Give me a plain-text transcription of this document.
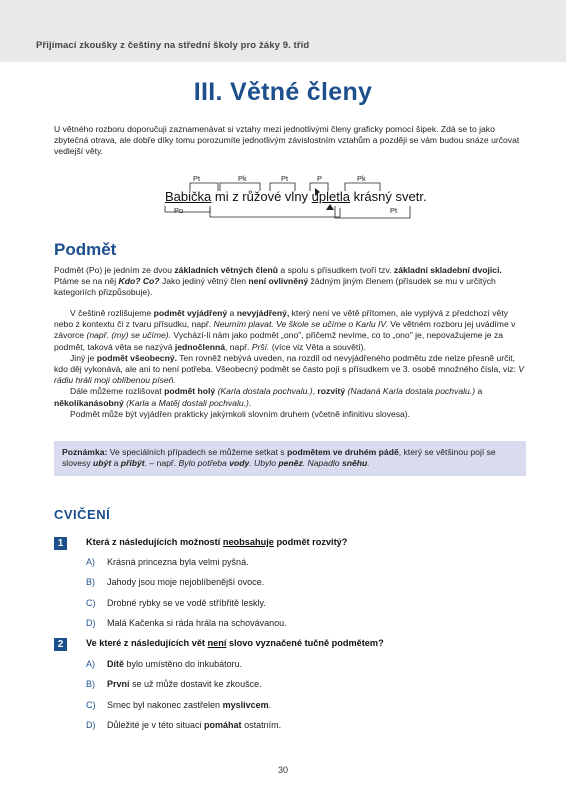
Přijímací zkoušky z češtiny na střední školy pro žáky 9. tříd
III. Větné členy
U větného rozboru doporučuji zaznamenávat si vztahy mezi jednotlivými členy graficky pomocí šipek. Zdá se to jako zbytečná otrava, ale dobře díky tomu porozumíte jednotlivým závislostním vztahům a později se vám budou snáze určovat vedlejší věty.
Babička mi z růžové vlny upletla krásný svetr.
Pt	Pk	Pt	P	Pk
Po	Pt
Podmět
Podmět (Po) je jedním ze dvou základních větných členů a spolu s přísudkem tvoří tzv. základní skladební dvojici. Ptáme se na něj Kdo? Co? Jako jediný větný člen není ovlivněný žádným jiným členem (přísudek se mu v určitých kategoriích přizpůsobuje).
V češtině rozlišujeme podmět vyjádřený a nevyjádřený, který není ve větě přítomen, ale vyplývá z předchozí věty nebo z kontextu či z tvaru přísudku, např. Neumím plavat. Ve škole se učíme o Karlu IV. Ve větném rozboru jej uvádíme v závorce (např. (my) se učíme). Vychází-li nám jako podmět „ono", přičemž nevíme, co to „ono" je, nepovažujeme je za podmět, taková věta se nazývá jednočlenná, např. Prší. (více viz Věta a souvětí).
Jiný je podmět všeobecný. Ten rovněž nebývá uveden, na rozdíl od nevyjádřeného podmětu zde nelze přesně určit, kdo děj vykonává, ale ani to není potřeba. Všeobecný podmět se často pojí s přísudkem ve 3. osobě množného čísla, viz: V rádiu hráli moji oblíbenou píseň.
Dále můžeme rozlišovat podmět holý (Karla dostala pochvalu.), rozvitý (Nadaná Karla dostala pochvalu.) a několikanásobný (Karla a Matěj dostali pochvalu.).
Podmět může být vyjádřen prakticky jakýmkoli slovním druhem (včetně infinitivu slovesa).
Poznámka: Ve speciálních případech se můžeme setkat s podmětem ve druhém pádě, který se většinou pojí se slovesy ubýt a přibýt. – např. Bylo potřeba vody. Ubylo peněz. Napadlo sněhu.
CVIČENÍ
1	Která z následujících možností neobsahuje podmět rozvitý?
A) Krásná princezna byla velmi pyšná.
B) Jahody jsou moje nejoblíbenější ovoce.
C) Drobné rybky se ve vodě stříbřitě leskly.
D) Malá Kačenka si ráda hrála na schovávanou.
2	Ve které z následujících vět není slovo vyznačené tučně podmětem?
A) Dítě bylo umístěno do inkubátoru.
B) První se už může dostavit ke zkoušce.
C) Srnec byl nakonec zastřelen myslivcem.
D) Důležité je v této situaci pomáhat ostatním.
30
